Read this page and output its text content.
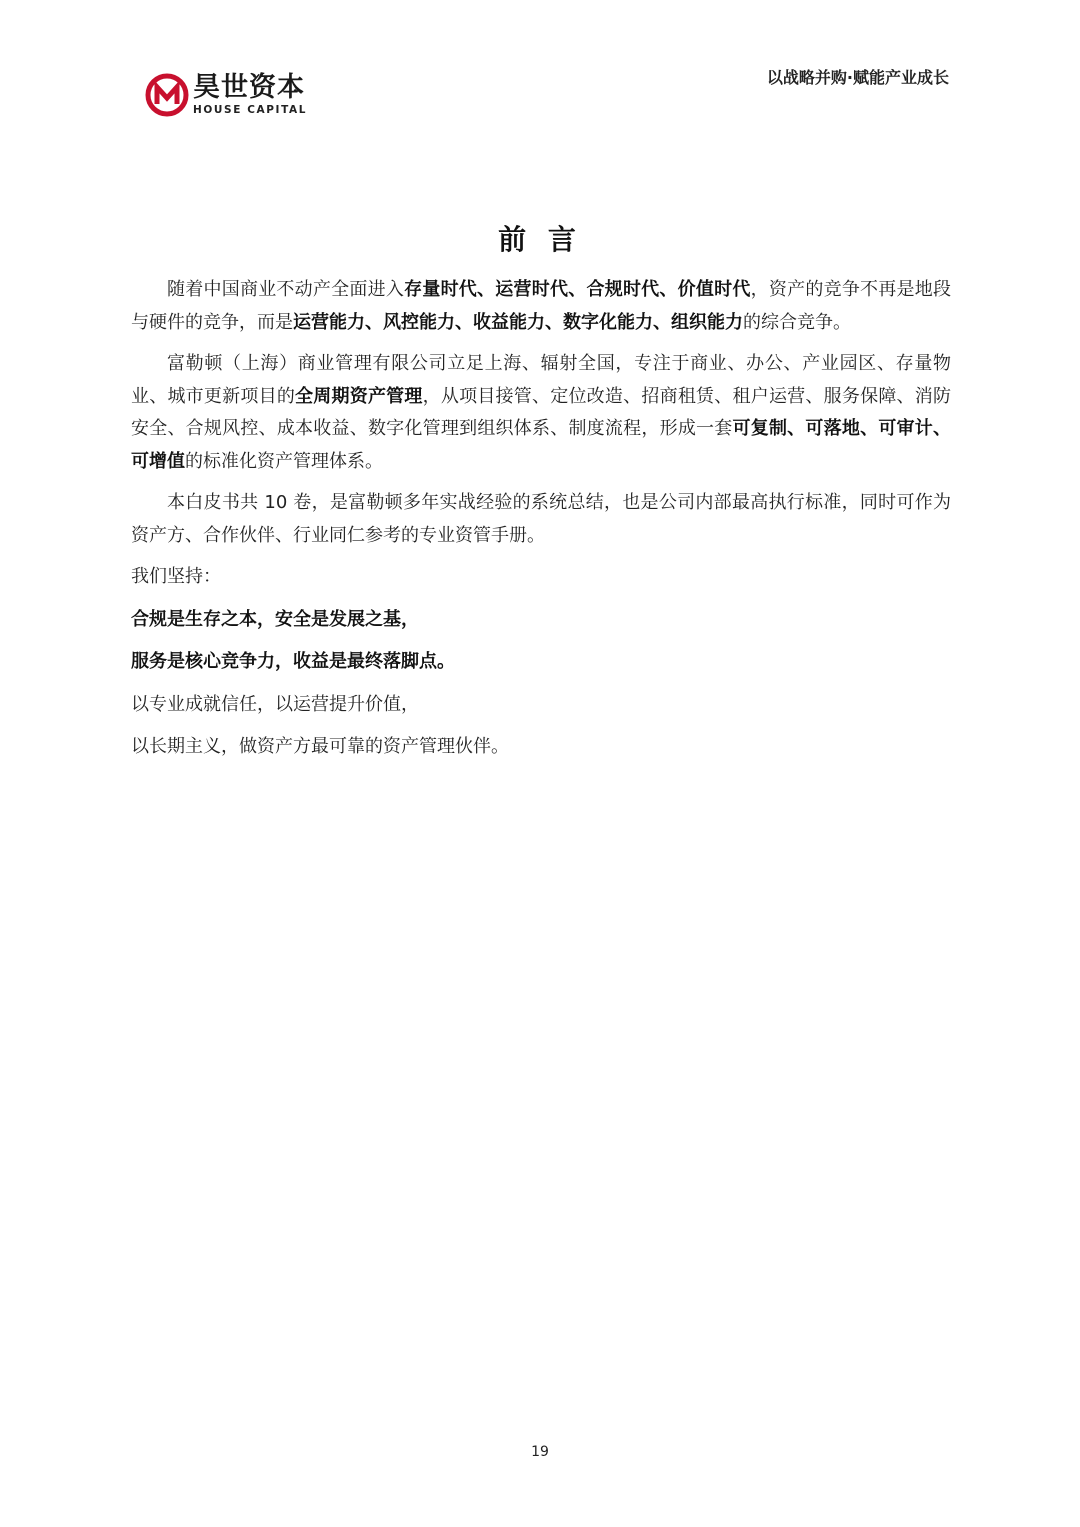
昊世资本
HOUSE CAPITAL
以战略并购·赋能产业成长
前 言

随着中国商业不动产全面进入存量时代、运营时代、合规时代、价值时代，资产的竞争不再是地段与硬件的竞争，而是运营能力、风控能力、收益能力、数字化能力、组织能力的综合竞争。

富勒顿（上海）商业管理有限公司立足上海、辐射全国，专注于商业、办公、产业园区、存量物业、城市更新项目的全周期资产管理，从项目接管、定位改造、招商租赁、租户运营、服务保障、消防安全、合规风控、成本收益、数字化管理到组织体系、制度流程，形成一套可复制、可落地、可审计、可增值的标准化资产管理体系。

本白皮书共 10 卷，是富勒顿多年实战经验的系统总结，也是公司内部最高执行标准，同时可作为资产方、合作伙伴、行业同仁参考的专业资管手册。

我们坚持：

合规是生存之本，安全是发展之基，

服务是核心竞争力，收益是最终落脚点。

以专业成就信任，以运营提升价值，

以长期主义，做资产方最可靠的资产管理伙伴。

19
